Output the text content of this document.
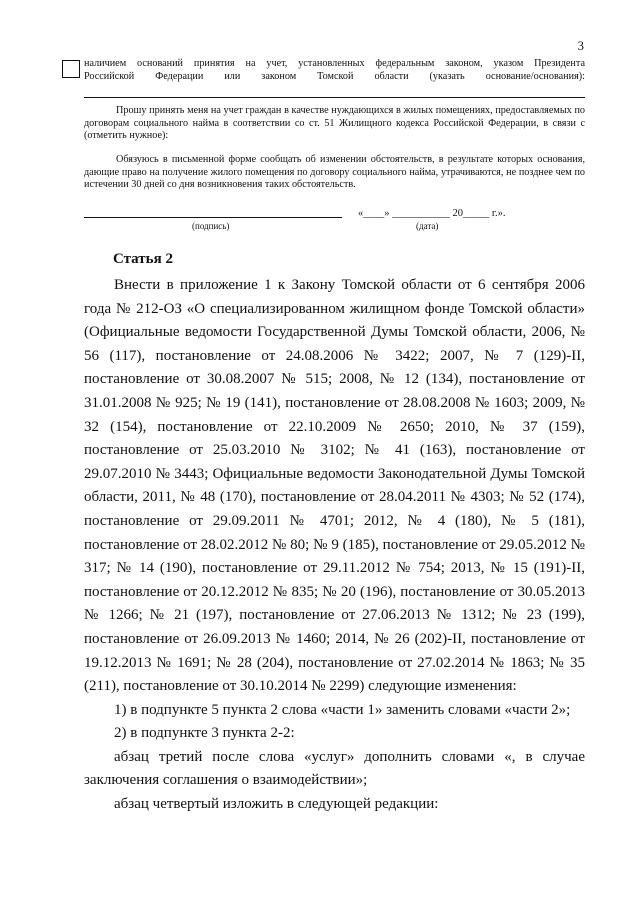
3
наличием оснований принятия на учет, установленных федеральным законом, указом Президента
Российской Федерации или законом Томской области (указать основание/основания):
Прошу принять меня на учет граждан в качестве нуждающихся в жилых помещениях, предоставляемых по договорам социального найма в соответствии со ст. 51 Жилищного кодекса Российской Федерации, в связи с (отметить нужное):
Обязуюсь в письменной форме сообщать об изменении обстоятельств, в результате которых основания, дающие право на получение жилого помещения по договору социального найма, утрачиваются, не позднее чем по истечении 30 дней со дня возникновения таких обстоятельств.
(подпись)
«____» ___________ 20_____ г.».
(дата)
Статья 2

Внести в приложение 1 к Закону Томской области от 6 сентября 2006 года № 212-ОЗ «О специализированном жилищном фонде Томской области» (Официальные ведомости Государственной Думы Томской области, 2006, № 56 (117), постановление от 24.08.2006 № 3422; 2007, № 7 (129)-II, постановление от 30.08.2007 № 515; 2008, № 12 (134), постановление от 31.01.2008 № 925; № 19 (141), постановление от 28.08.2008 № 1603; 2009, № 32 (154), постановление от 22.10.2009 № 2650; 2010, № 37 (159), постановление от 25.03.2010 № 3102; № 41 (163), постановление от 29.07.2010 № 3443; Официальные ведомости Законодательной Думы Томской области, 2011, № 48 (170), постановление от 28.04.2011 № 4303; № 52 (174), постановление от 29.09.2011 № 4701; 2012, № 4 (180), № 5 (181), постановление от 28.02.2012 № 80; № 9 (185), постановление от 29.05.2012 № 317; № 14 (190), постановление от 29.11.2012 № 754; 2013, № 15 (191)-II, постановление от 20.12.2012 № 835; № 20 (196), постановление от 30.05.2013 № 1266; № 21 (197), постановление от 27.06.2013 № 1312; № 23 (199), постановление от 26.09.2013 № 1460; 2014, № 26 (202)-II, постановление от 19.12.2013 № 1691; № 28 (204), постановление от 27.02.2014 № 1863; № 35 (211), постановление от 30.10.2014 № 2299) следующие изменения:

1) в подпункте 5 пункта 2 слова «части 1» заменить словами «части 2»;

2) в подпункте 3 пункта 2-2:

абзац третий после слова «услуг» дополнить словами «, в случае заключения соглашения о взаимодействии»;

абзац четвертый изложить в следующей редакции:
